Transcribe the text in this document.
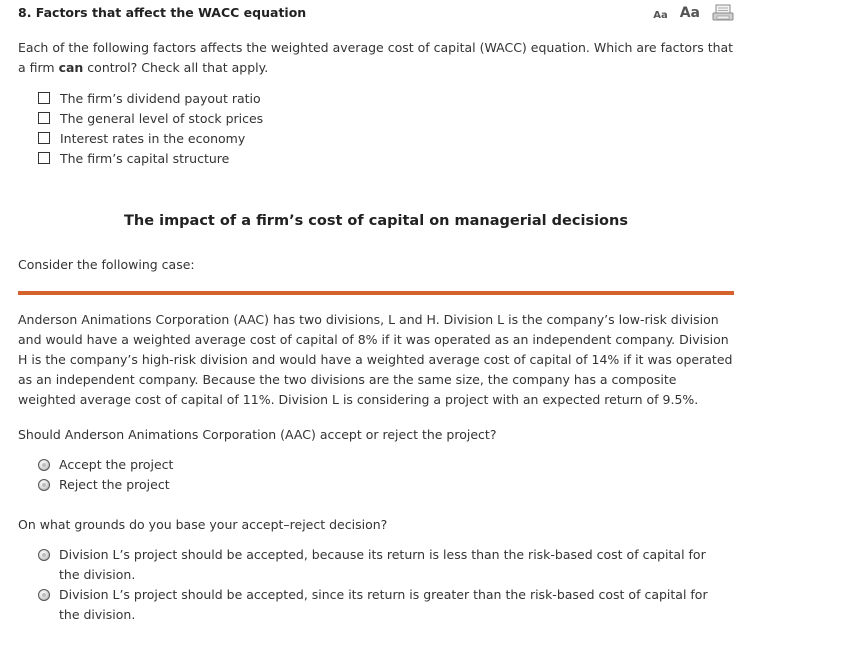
8. Factors that affect the WACC equation	Aa Aa
Each of the following factors affects the weighted average cost of capital (WACC) equation. Which are factors that a firm can control? Check all that apply.
The firm’s dividend payout ratio
The general level of stock prices
Interest rates in the economy
The firm’s capital structure
The impact of a firm’s cost of capital on managerial decisions
Consider the following case:
Anderson Animations Corporation (AAC) has two divisions, L and H. Division L is the company’s low-risk division and would have a weighted average cost of capital of 8% if it was operated as an independent company. Division H is the company’s high-risk division and would have a weighted average cost of capital of 14% if it was operated as an independent company. Because the two divisions are the same size, the company has a composite weighted average cost of capital of 11%. Division L is considering a project with an expected return of 9.5%.
Should Anderson Animations Corporation (AAC) accept or reject the project?
Accept the project
Reject the project
On what grounds do you base your accept–reject decision?
Division L’s project should be accepted, because its return is less than the risk-based cost of capital for the division.
Division L’s project should be accepted, since its return is greater than the risk-based cost of capital for the division.
